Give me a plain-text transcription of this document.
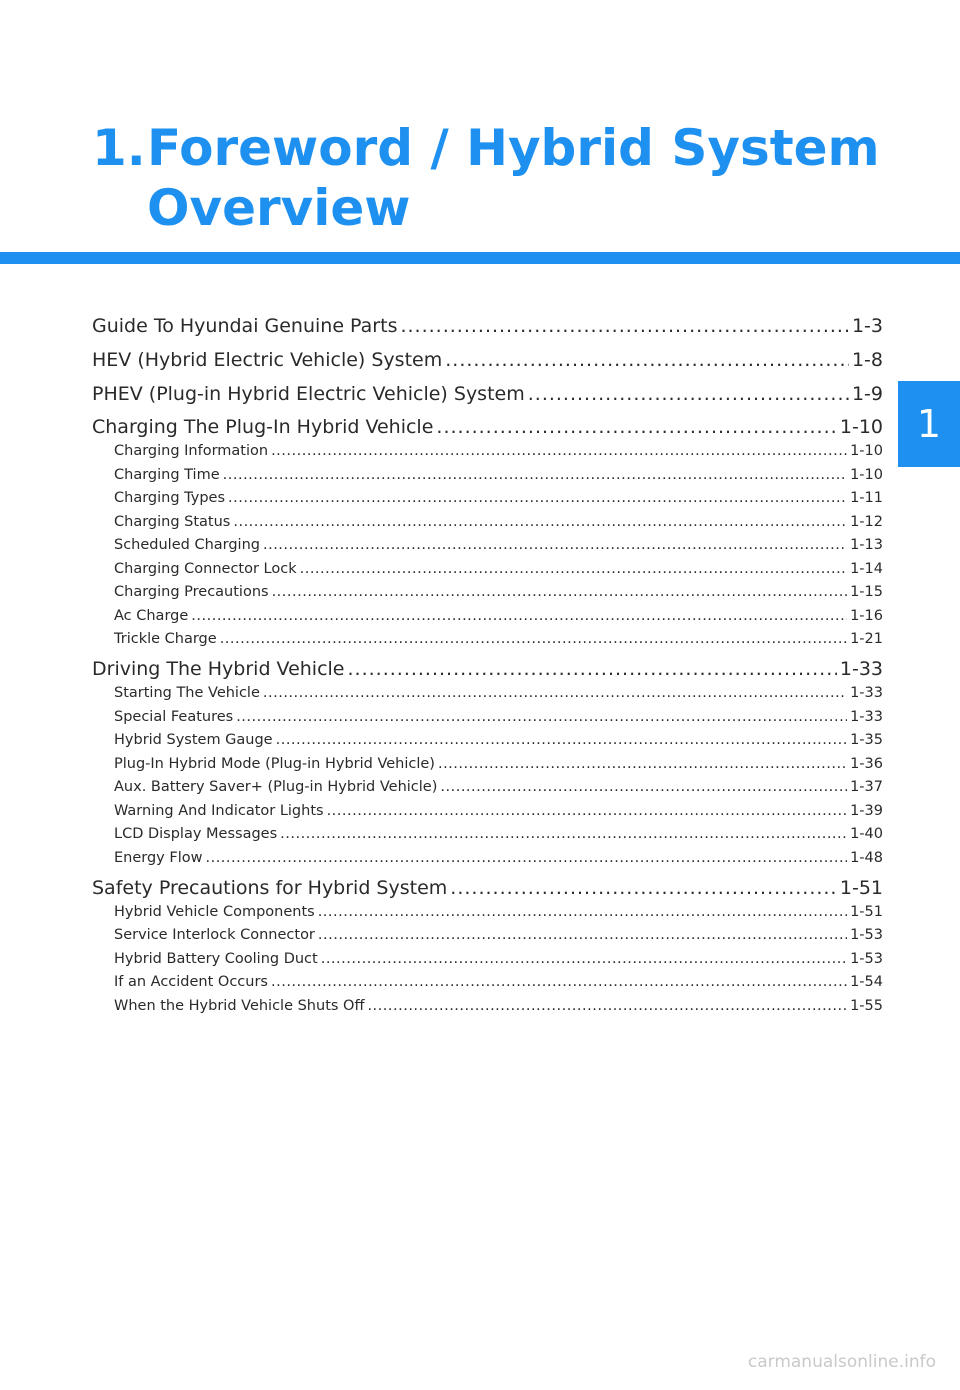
1.Foreword / Hybrid System
Overview
1
Guide To Hyundai Genuine Parts .....	1-3
HEV (Hybrid Electric Vehicle) System .....	1-8
PHEV (Plug-in Hybrid Electric Vehicle) System .....	1-9
Charging The Plug-In Hybrid Vehicle .....	1-10
Charging Information .....	1-10
Charging Time .....	1-10
Charging Types .....	1-11
Charging Status .....	1-12
Scheduled Charging .....	1-13
Charging Connector Lock .....	1-14
Charging Precautions .....	1-15
Ac Charge .....	1-16
Trickle Charge .....	1-21
Driving The Hybrid Vehicle .....	1-33
Starting The Vehicle .....	1-33
Special Features .....	1-33
Hybrid System Gauge .....	1-35
Plug-In Hybrid Mode (Plug-in Hybrid Vehicle) .....	1-36
Aux. Battery Saver+ (Plug-in Hybrid Vehicle) .....	1-37
Warning And Indicator Lights .....	1-39
LCD Display Messages .....	1-40
Energy Flow .....	1-48
Safety Precautions for Hybrid System .....	1-51
Hybrid Vehicle Components .....	1-51
Service Interlock Connector .....	1-53
Hybrid Battery Cooling Duct .....	1-53
If an Accident Occurs .....	1-54
When the Hybrid Vehicle Shuts Off .....	1-55
carmanualsonline.info
